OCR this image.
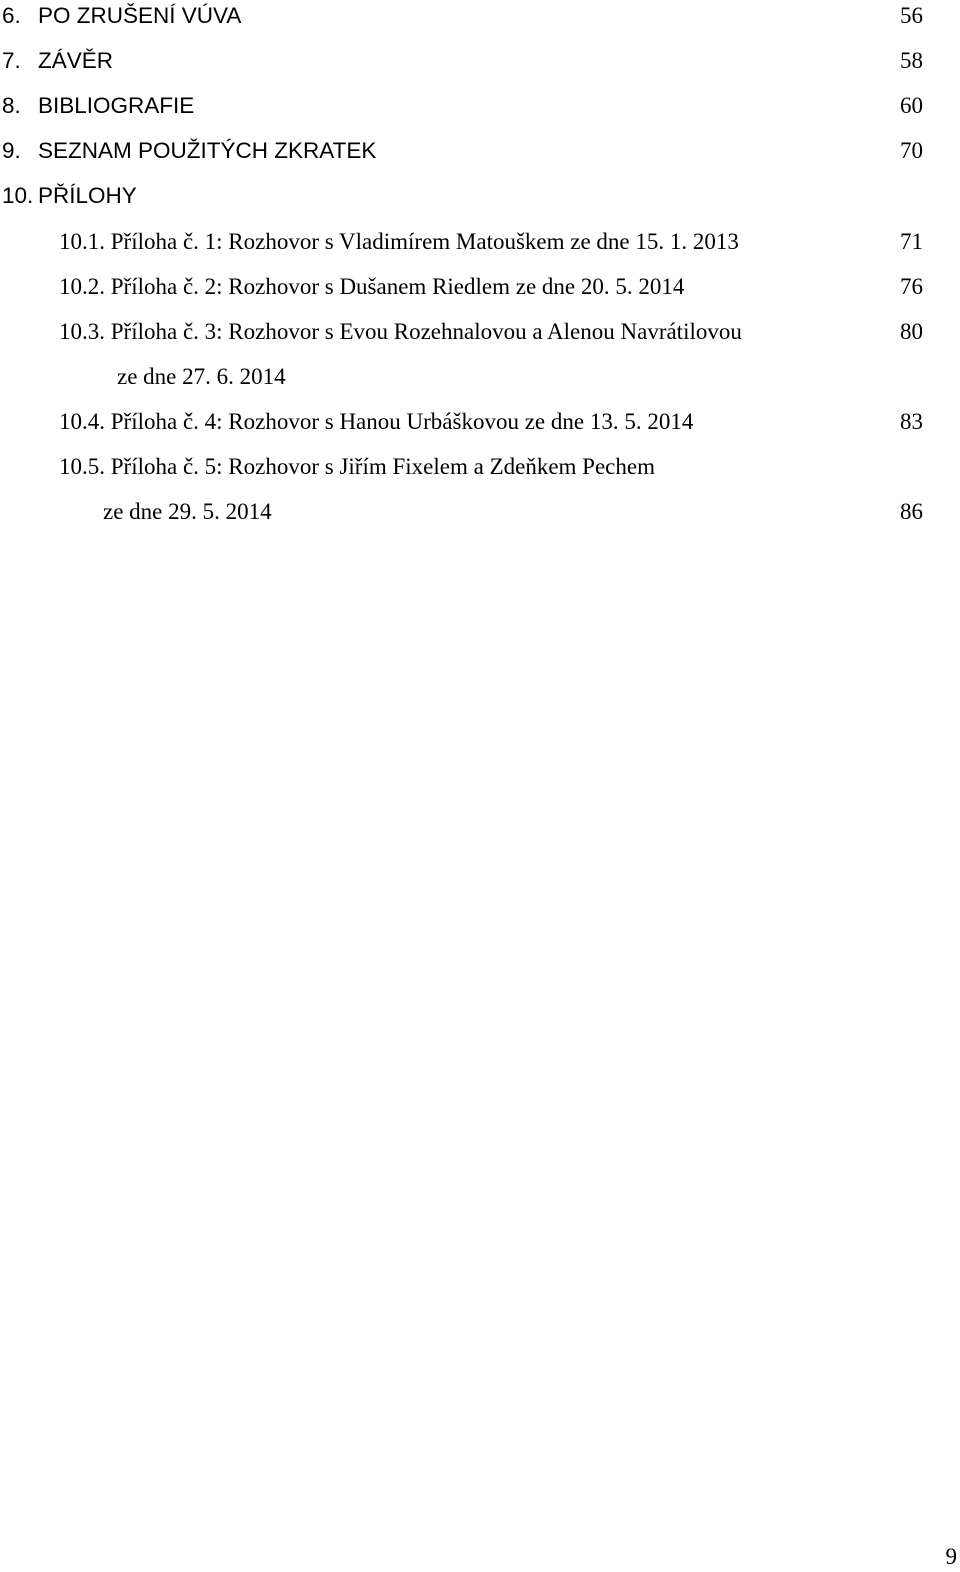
6. PO ZRUŠENÍ VÚVA	56
7. ZÁVĚR	58
8. BIBLIOGRAFIE	60
9. SEZNAM POUŽITÝCH ZKRATEK	70
10. PŘÍLOHY
10.1. Příloha č. 1: Rozhovor s Vladimírem Matouškem ze dne 15. 1. 2013	71
10.2. Příloha č. 2: Rozhovor s Dušanem Riedlem ze dne 20. 5. 2014	76
10.3. Příloha č. 3: Rozhovor s Evou Rozehnalovou a Alenou Navrátilovou	80
ze dne 27. 6. 2014
10.4. Příloha č. 4: Rozhovor s Hanou Urbáškovou ze dne 13. 5. 2014	83
10.5. Příloha č. 5: Rozhovor s Jiřím Fixelem a Zdeňkem Pechem
ze dne 29. 5. 2014	86
9
